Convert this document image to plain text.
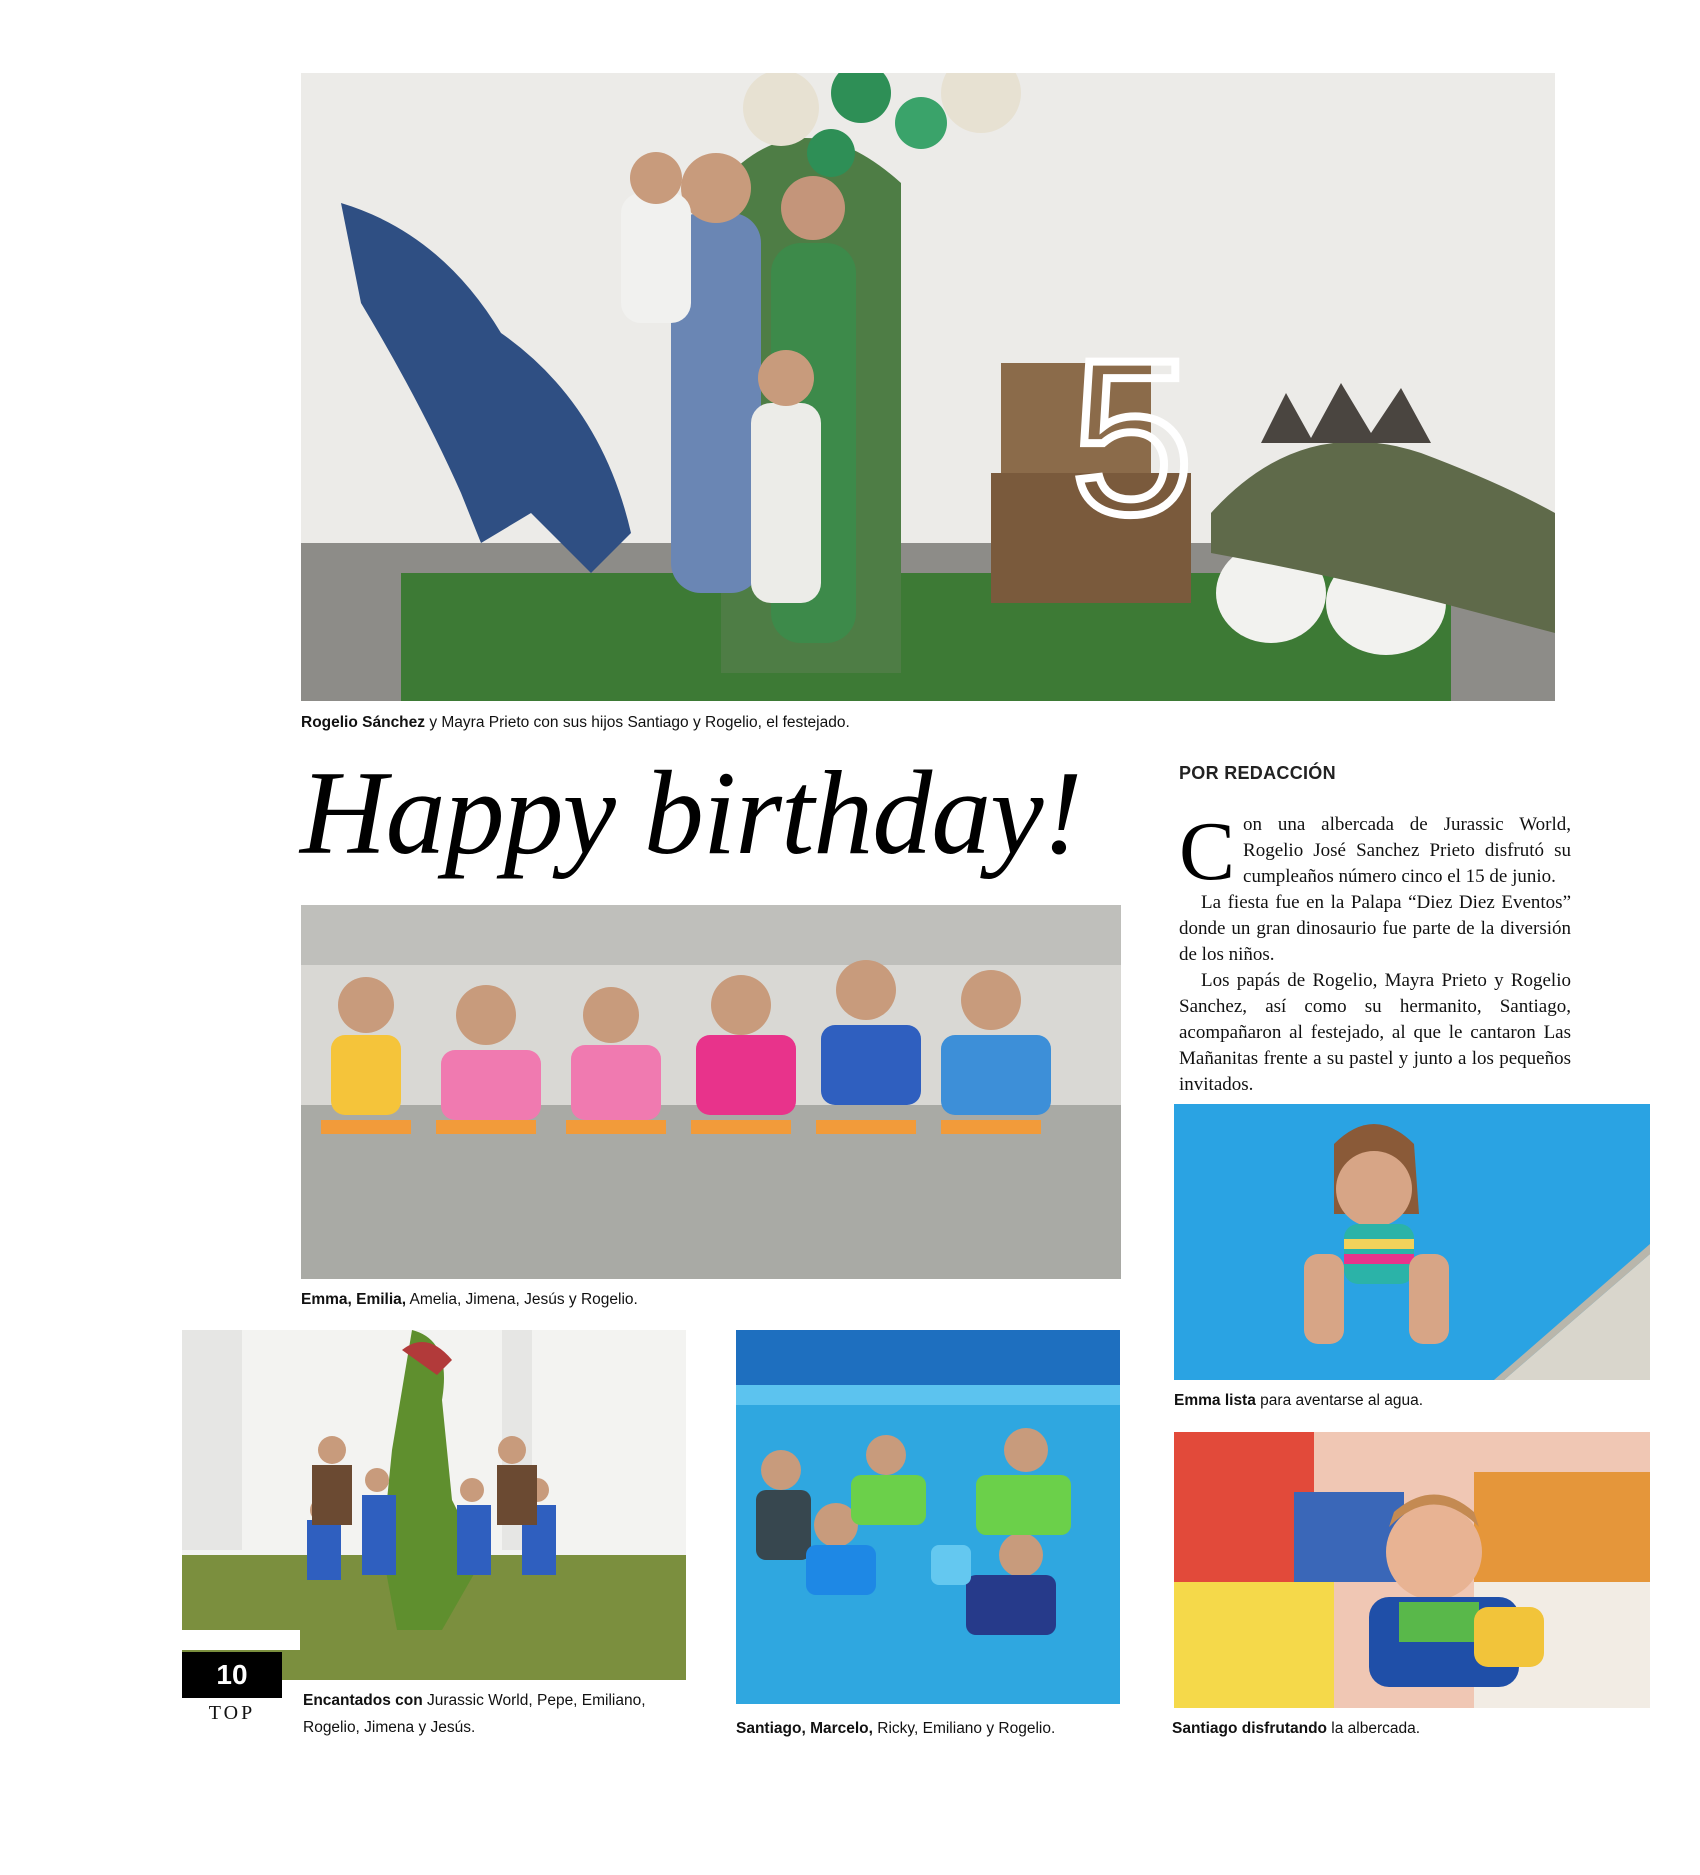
5
Rogelio Sánchez y Mayra Prieto con sus hijos Santiago y Rogelio, el festejado.
Happy birthday!	POR REDACCIÓN

Con una albercada de Jurassic World, Rogelio José Sanchez Prieto disfrutó su cumpleaños número cinco el 15 de junio.

La fiesta fue en la Palapa “Diez Diez Eventos” donde un gran dinosaurio fue parte de la diversión de los niños.

Los papás de Rogelio, Mayra Prieto y Rogelio Sanchez, así como su hermanito, Santiago, acompañaron al festejado, al que le cantaron Las Mañanitas frente a su pastel y junto a los pequeños invitados.

Emma, Emilia, Amelia, Jimena, Jesús y Rogelio.
10
TOP
Encantados con Jurassic World, Pepe, Emiliano, Rogelio, Jimena y Jesús.	Santiago, Marcelo, Ricky, Emiliano y Rogelio.
Emma lista para aventarse al agua.
Santiago disfrutando la albercada.
